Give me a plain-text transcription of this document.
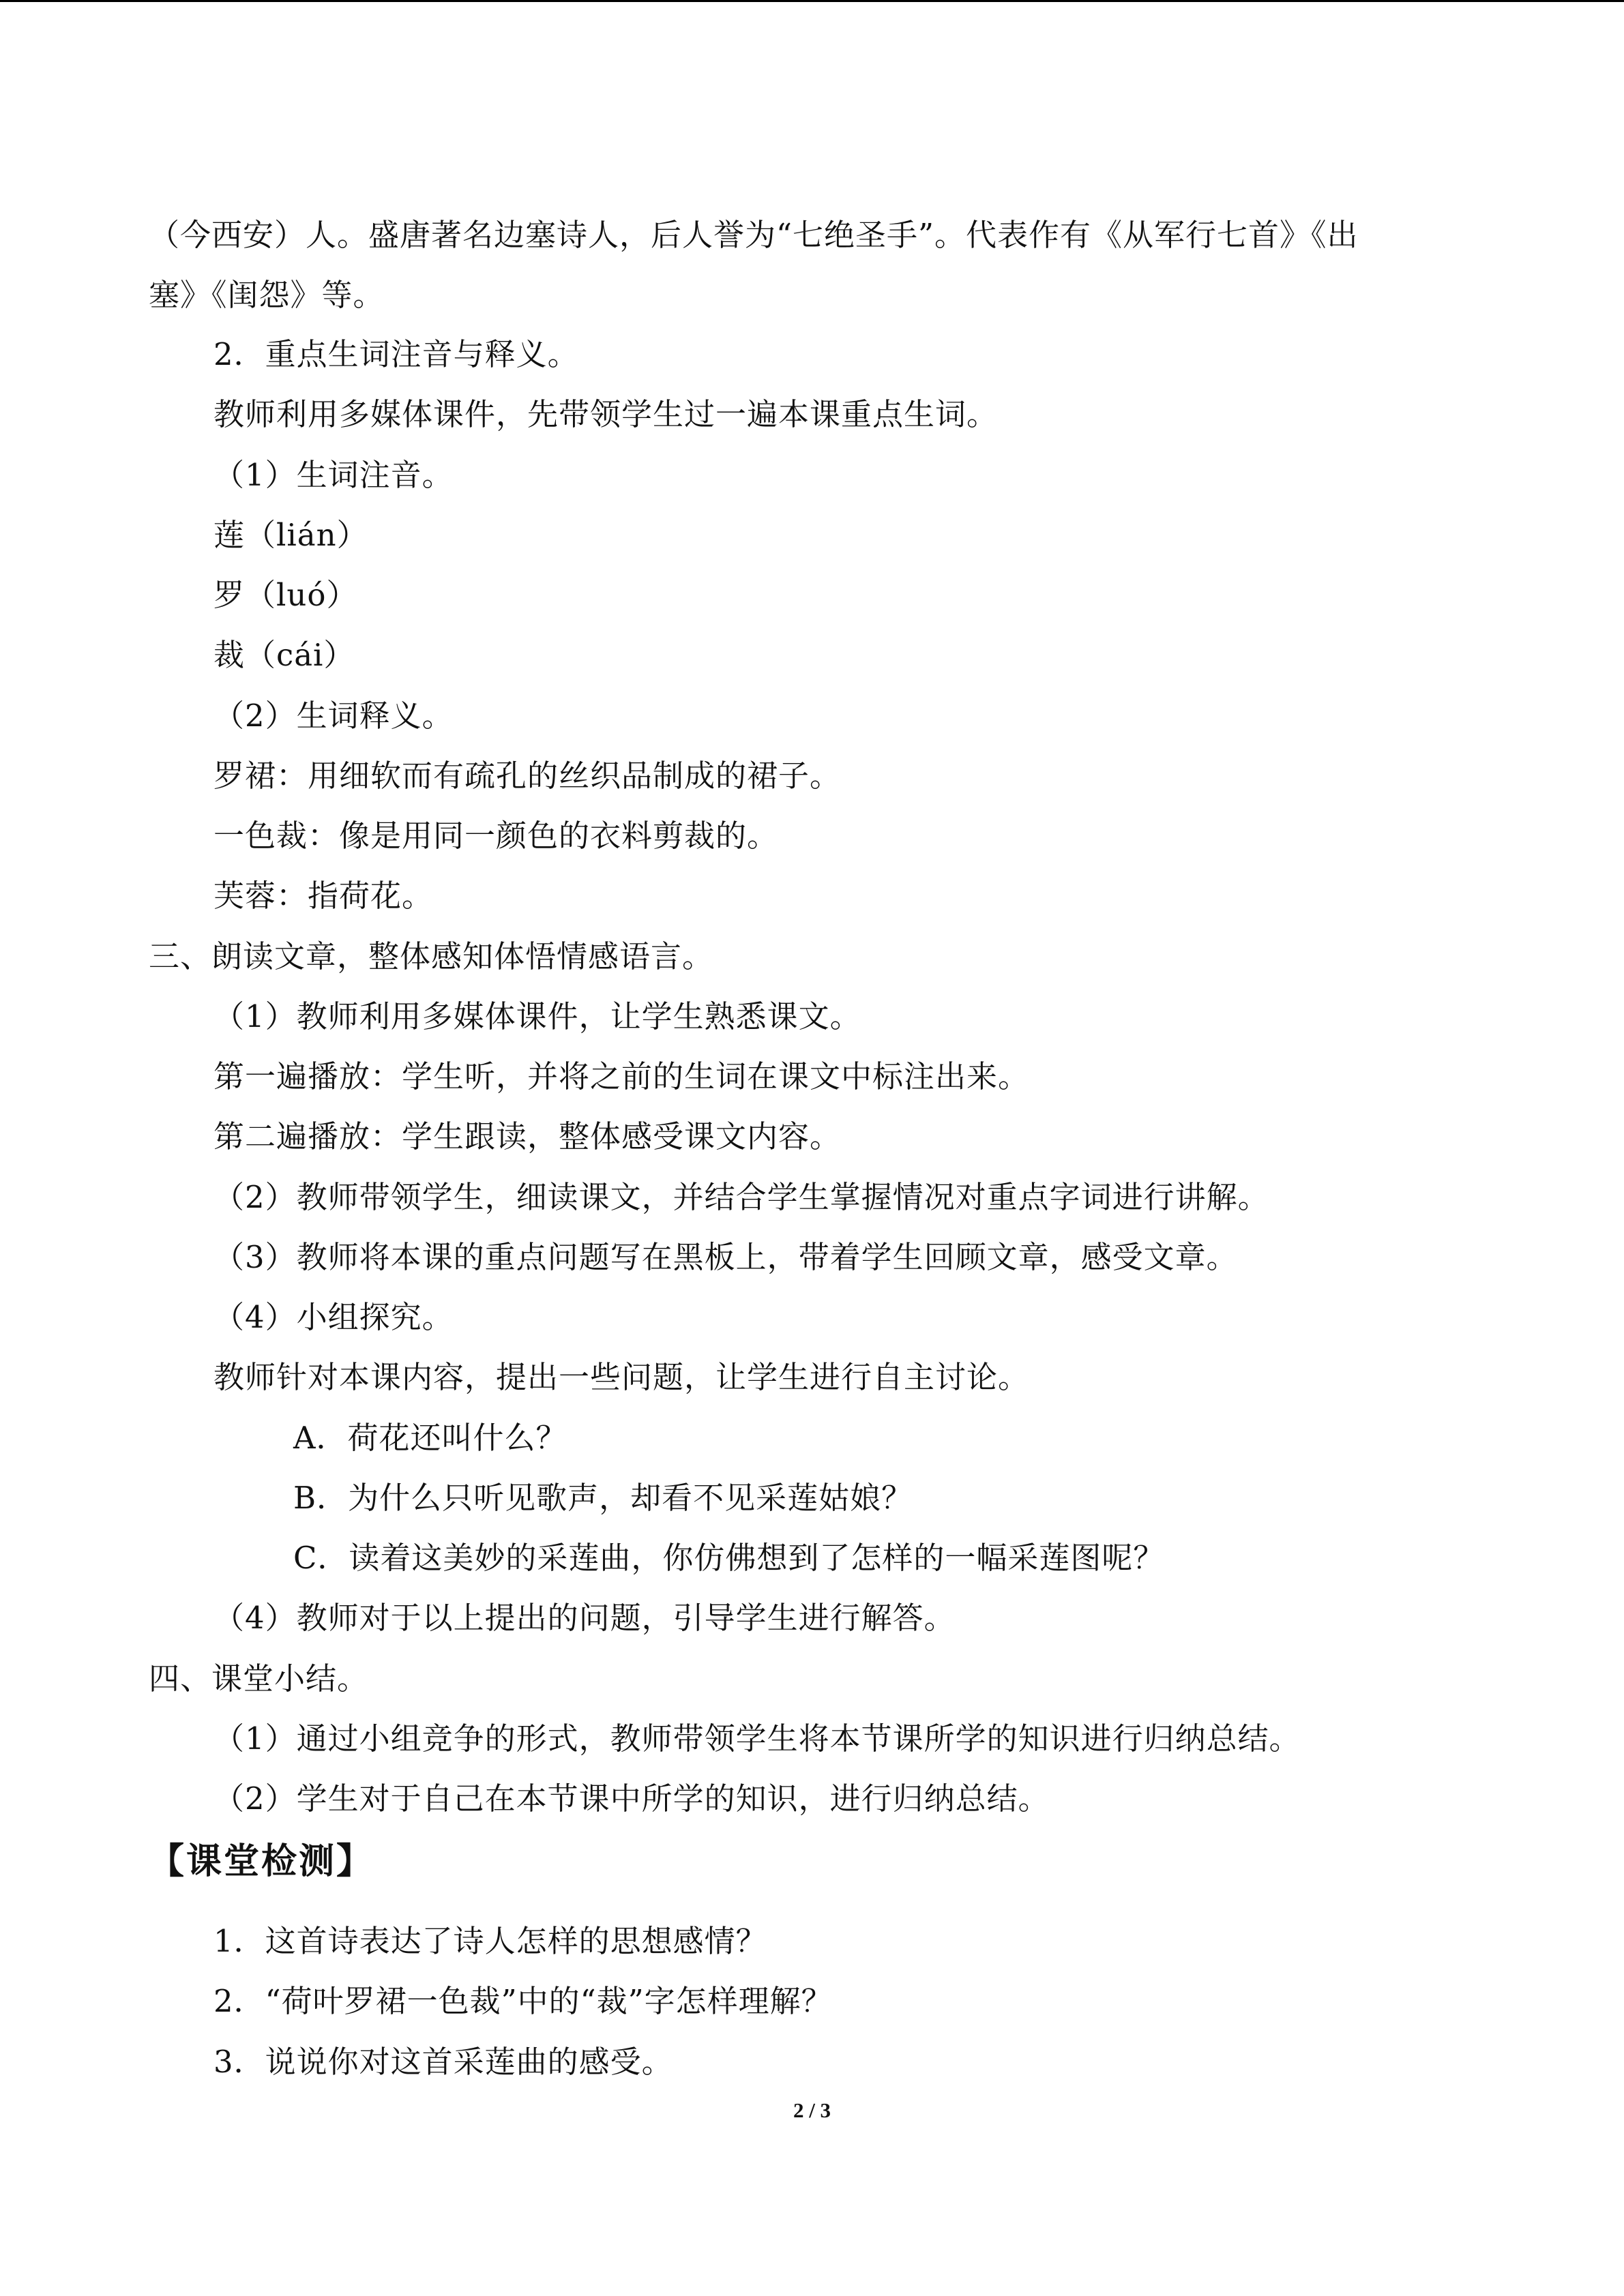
（今西安）人。盛唐著名边塞诗人，后人誉为“七绝圣手”。代表作有《从军行七首》《出
塞》《闺怨》等。
2．重点生词注音与释义。
教师利用多媒体课件，先带领学生过一遍本课重点生词。
（1）生词注音。
莲（lián）
罗（luó）
裁（cái）
（2）生词释义。
罗裙：用细软而有疏孔的丝织品制成的裙子。
一色裁：像是用同一颜色的衣料剪裁的。
芙蓉：指荷花。
三、朗读文章，整体感知体悟情感语言。
（1）教师利用多媒体课件，让学生熟悉课文。
第一遍播放：学生听，并将之前的生词在课文中标注出来。
第二遍播放：学生跟读，整体感受课文内容。
（2）教师带领学生，细读课文，并结合学生掌握情况对重点字词进行讲解。
（3）教师将本课的重点问题写在黑板上，带着学生回顾文章，感受文章。
（4）小组探究。
教师针对本课内容，提出一些问题，让学生进行自主讨论。
A．荷花还叫什么？
B．为什么只听见歌声，却看不见采莲姑娘？
C．读着这美妙的采莲曲，你仿佛想到了怎样的一幅采莲图呢？
（4）教师对于以上提出的问题，引导学生进行解答。
四、课堂小结。
（1）通过小组竞争的形式，教师带领学生将本节课所学的知识进行归纳总结。
（2）学生对于自己在本节课中所学的知识，进行归纳总结。
【课堂检测】
1．这首诗表达了诗人怎样的思想感情？
2．“荷叶罗裙一色裁”中的“裁”字怎样理解？
3．说说你对这首采莲曲的感受。
2 / 3
